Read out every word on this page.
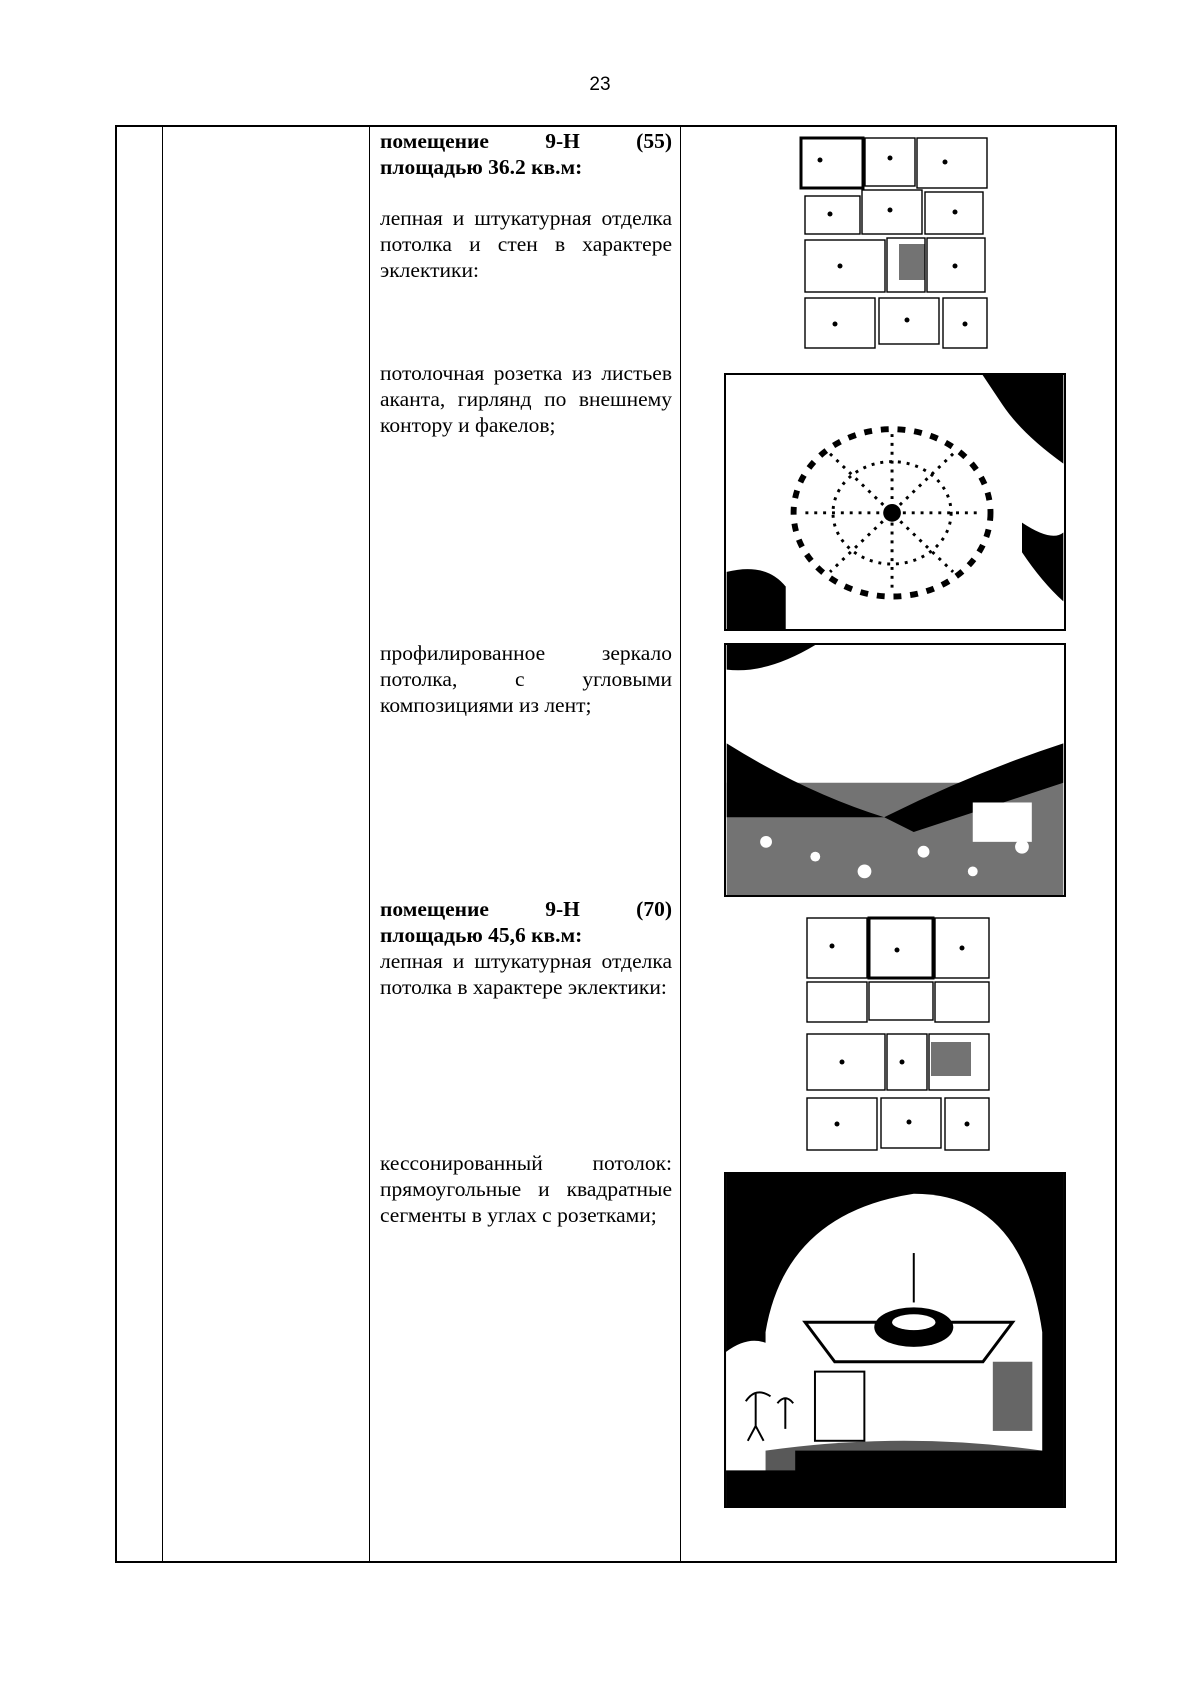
23
помещение	9-Н	(55)
площадью 36.2 кв.м:

лепная и штукатурная отделка потолка и стен в характере эклектики:

потолочная розетка из листьев аканта, гирлянд по внешнему контору и факелов;

профилированное зеркало потолка, с угловыми композициями из лент;

помещение	9-Н	(70)
площадью 45,6 кв.м:

лепная и штукатурная отделка потолка в характере эклектики:

кессонированный потолок: прямоугольные и квадратные сегменты в углах с розетками;
